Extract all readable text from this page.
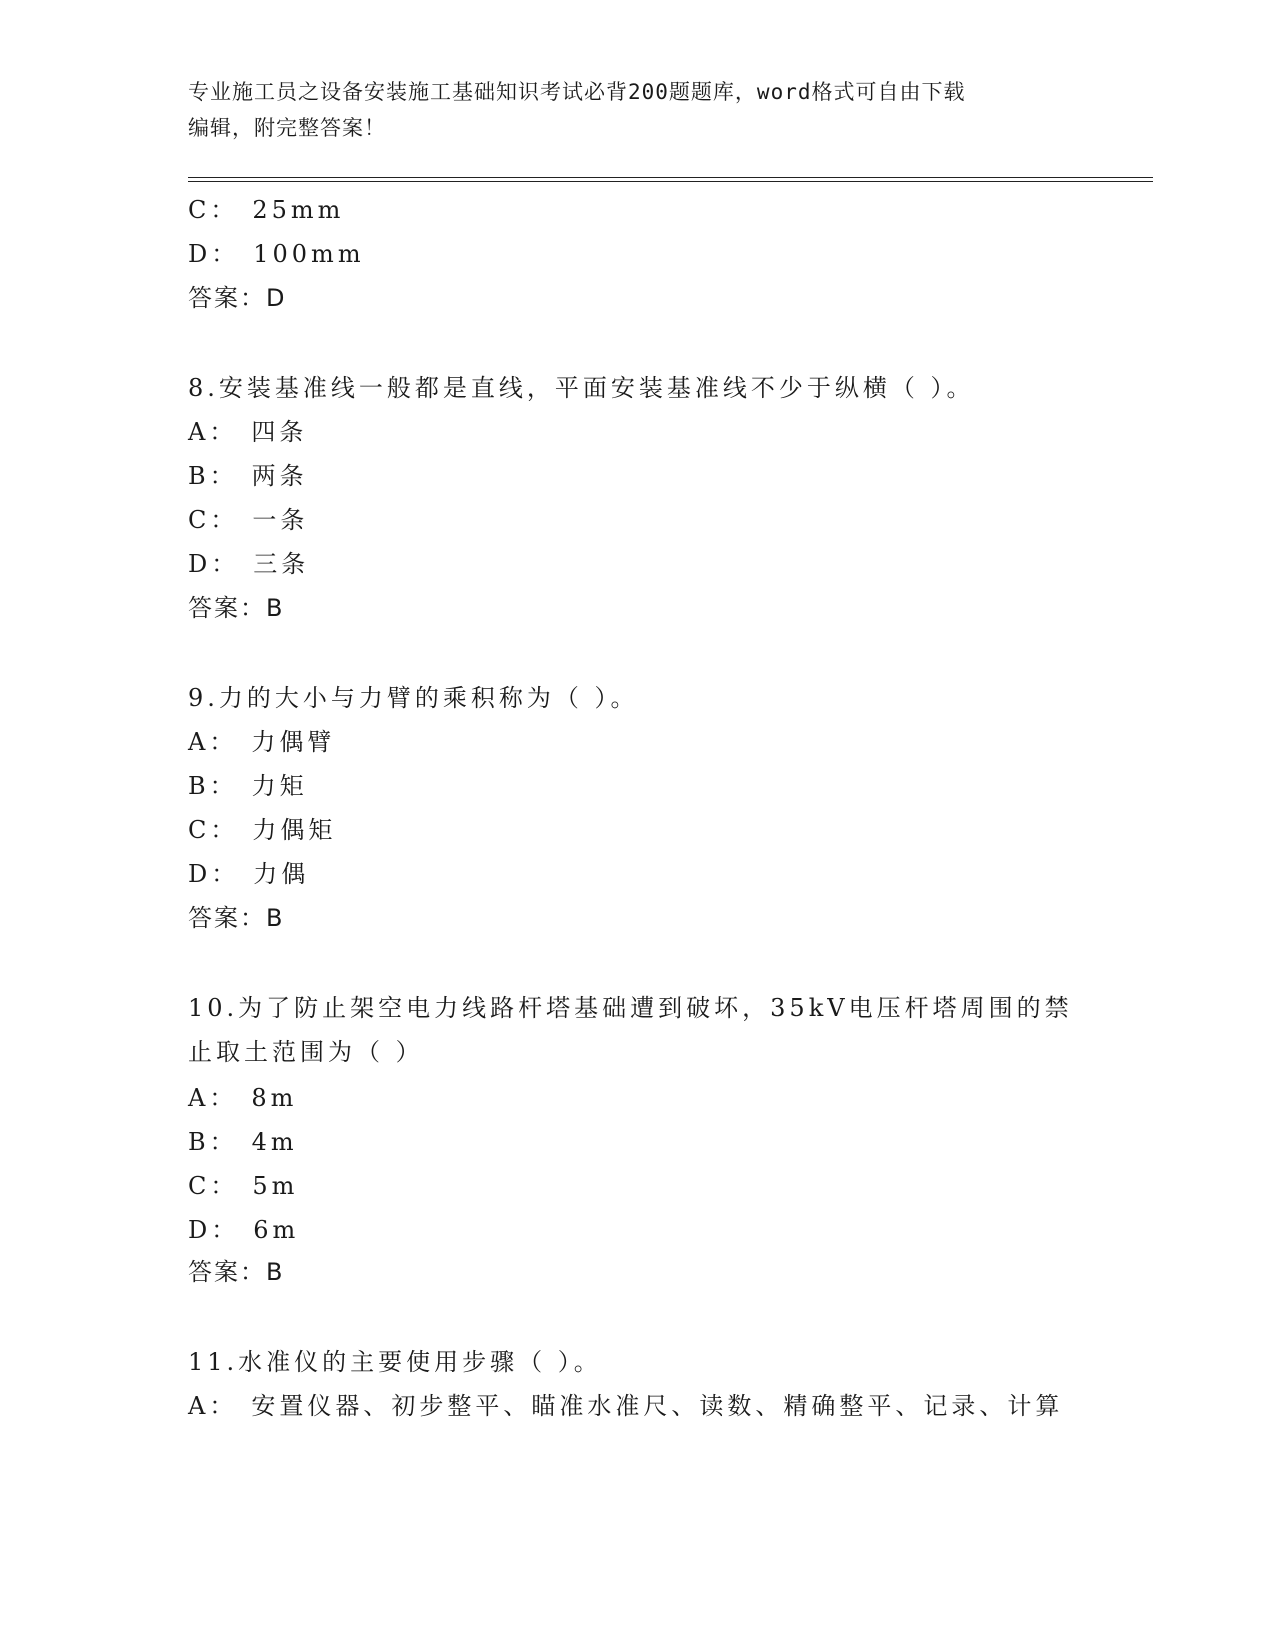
专业施工员之设备安装施工基础知识考试必背200题题库，word格式可自由下载
编辑，附完整答案！
C： 25mm
D： 100mm
答案：D
8.安装基准线一般都是直线，平面安装基准线不少于纵横（ ）。
A： 四条
B： 两条
C： 一条
D： 三条
答案：B
9.力的大小与力臂的乘积称为（ ）。
A： 力偶臂
B： 力矩
C： 力偶矩
D： 力偶
答案：B
10.为了防止架空电力线路杆塔基础遭到破坏，35kV电压杆塔周围的禁
止取土范围为（ ）
A： 8m
B： 4m
C： 5m
D： 6m
答案：B
11.水准仪的主要使用步骤（ ）。
A： 安置仪器、初步整平、瞄准水准尺、读数、精确整平、记录、计算
